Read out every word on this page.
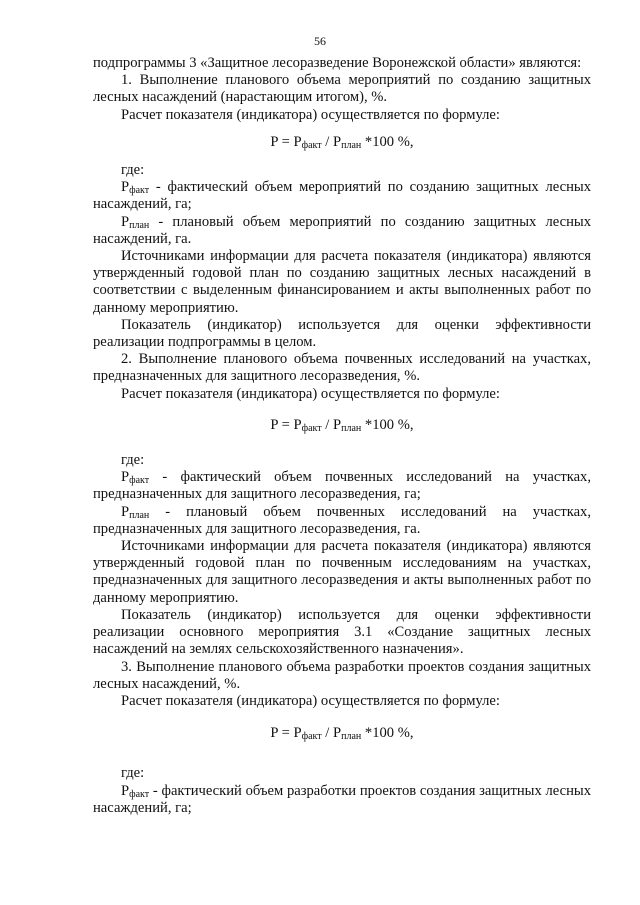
56

подпрограммы 3 «Защитное лесоразведение Воронежской области» являются:

1. Выполнение планового объема мероприятий по созданию защитных лесных насаждений (нарастающим итогом), %.

Расчет показателя (индикатора) осуществляется по формуле:

$P = P_{факт} / P_{план}$ *100 %,

где:

$P_{факт}$ - фактический объем мероприятий по созданию защитных лесных насаждений, га;

$P_{план}$ - плановый объем мероприятий по созданию защитных лесных насаждений, га.

Источниками информации для расчета показателя (индикатора) являются утвержденный годовой план по созданию защитных лесных насаждений в соответствии с выделенным финансированием и акты выполненных работ по данному мероприятию.

Показатель (индикатор) используется для оценки эффективности реализации подпрограммы в целом.

2. Выполнение планового объема почвенных исследований на участках, предназначенных для защитного лесоразведения, %.

Расчет показателя (индикатора) осуществляется по формуле:

$P = P_{факт} / P_{план}$ *100 %,

где:

$P_{факт}$ - фактический объем почвенных исследований на участках, предназначенных для защитного лесоразведения, га;

$P_{план}$ - плановый объем почвенных исследований на участках, предназначенных для защитного лесоразведения, га.

Источниками информации для расчета показателя (индикатора) являются утвержденный годовой план по почвенным исследованиям на участках, предназначенных для защитного лесоразведения и акты выполненных работ по данному мероприятию.

Показатель (индикатор) используется для оценки эффективности реализации основного мероприятия 3.1 «Создание защитных лесных насаждений на землях сельскохозяйственного назначения».

3. Выполнение планового объема разработки проектов создания защитных лесных насаждений, %.

Расчет показателя (индикатора) осуществляется по формуле:

$P = P_{факт} / P_{план}$ *100 %,

где:

$P_{факт}$ - фактический объем разработки проектов создания защитных лесных насаждений, га;
